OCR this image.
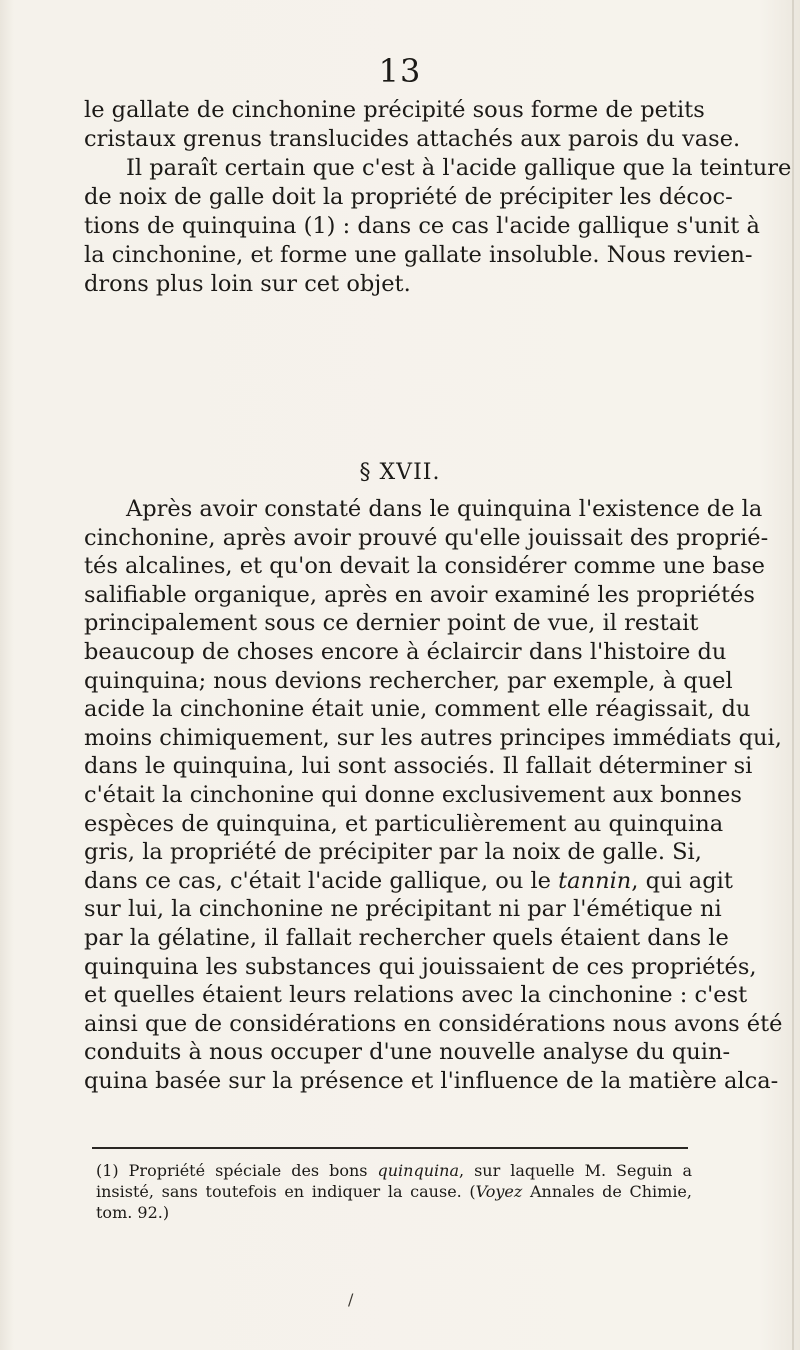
13
le gallate de cinchonine précipité sous forme de petits
cristaux grenus translucides attachés aux parois du vase.
Il paraît certain que c'est à l'acide gallique que la teinture
de noix de galle doit la propriété de précipiter les décoc-
tions de quinquina (1) : dans ce cas l'acide gallique s'unit à
la cinchonine, et forme une gallate insoluble. Nous revien-
drons plus loin sur cet objet.
§ XVII.
Après avoir constaté dans le quinquina l'existence de la
cinchonine, après avoir prouvé qu'elle jouissait des proprié-
tés alcalines, et qu'on devait la considérer comme une base
salifiable organique, après en avoir examiné les propriétés
principalement sous ce dernier point de vue, il restait
beaucoup de choses encore à éclaircir dans l'histoire du
quinquina; nous devions rechercher, par exemple, à quel
acide la cinchonine était unie, comment elle réagissait, du
moins chimiquement, sur les autres principes immédiats qui,
dans le quinquina, lui sont associés. Il fallait déterminer si
c'était la cinchonine qui donne exclusivement aux bonnes
espèces de quinquina, et particulièrement au quinquina
gris, la propriété de précipiter par la noix de galle. Si,
dans ce cas, c'était l'acide gallique, ou le tannin, qui agit
sur lui, la cinchonine ne précipitant ni par l'émétique ni
par la gélatine, il fallait rechercher quels étaient dans le
quinquina les substances qui jouissaient de ces propriétés,
et quelles étaient leurs relations avec la cinchonine : c'est
ainsi que de considérations en considérations nous avons été
conduits à nous occuper d'une nouvelle analyse du quin-
quina basée sur la présence et l'influence de la matière alca-
(1) Propriété spéciale des bons quinquina, sur laquelle M. Seguin a
insisté, sans toutefois en indiquer la cause. (Voyez Annales de Chimie,
tom. 92.)
/
